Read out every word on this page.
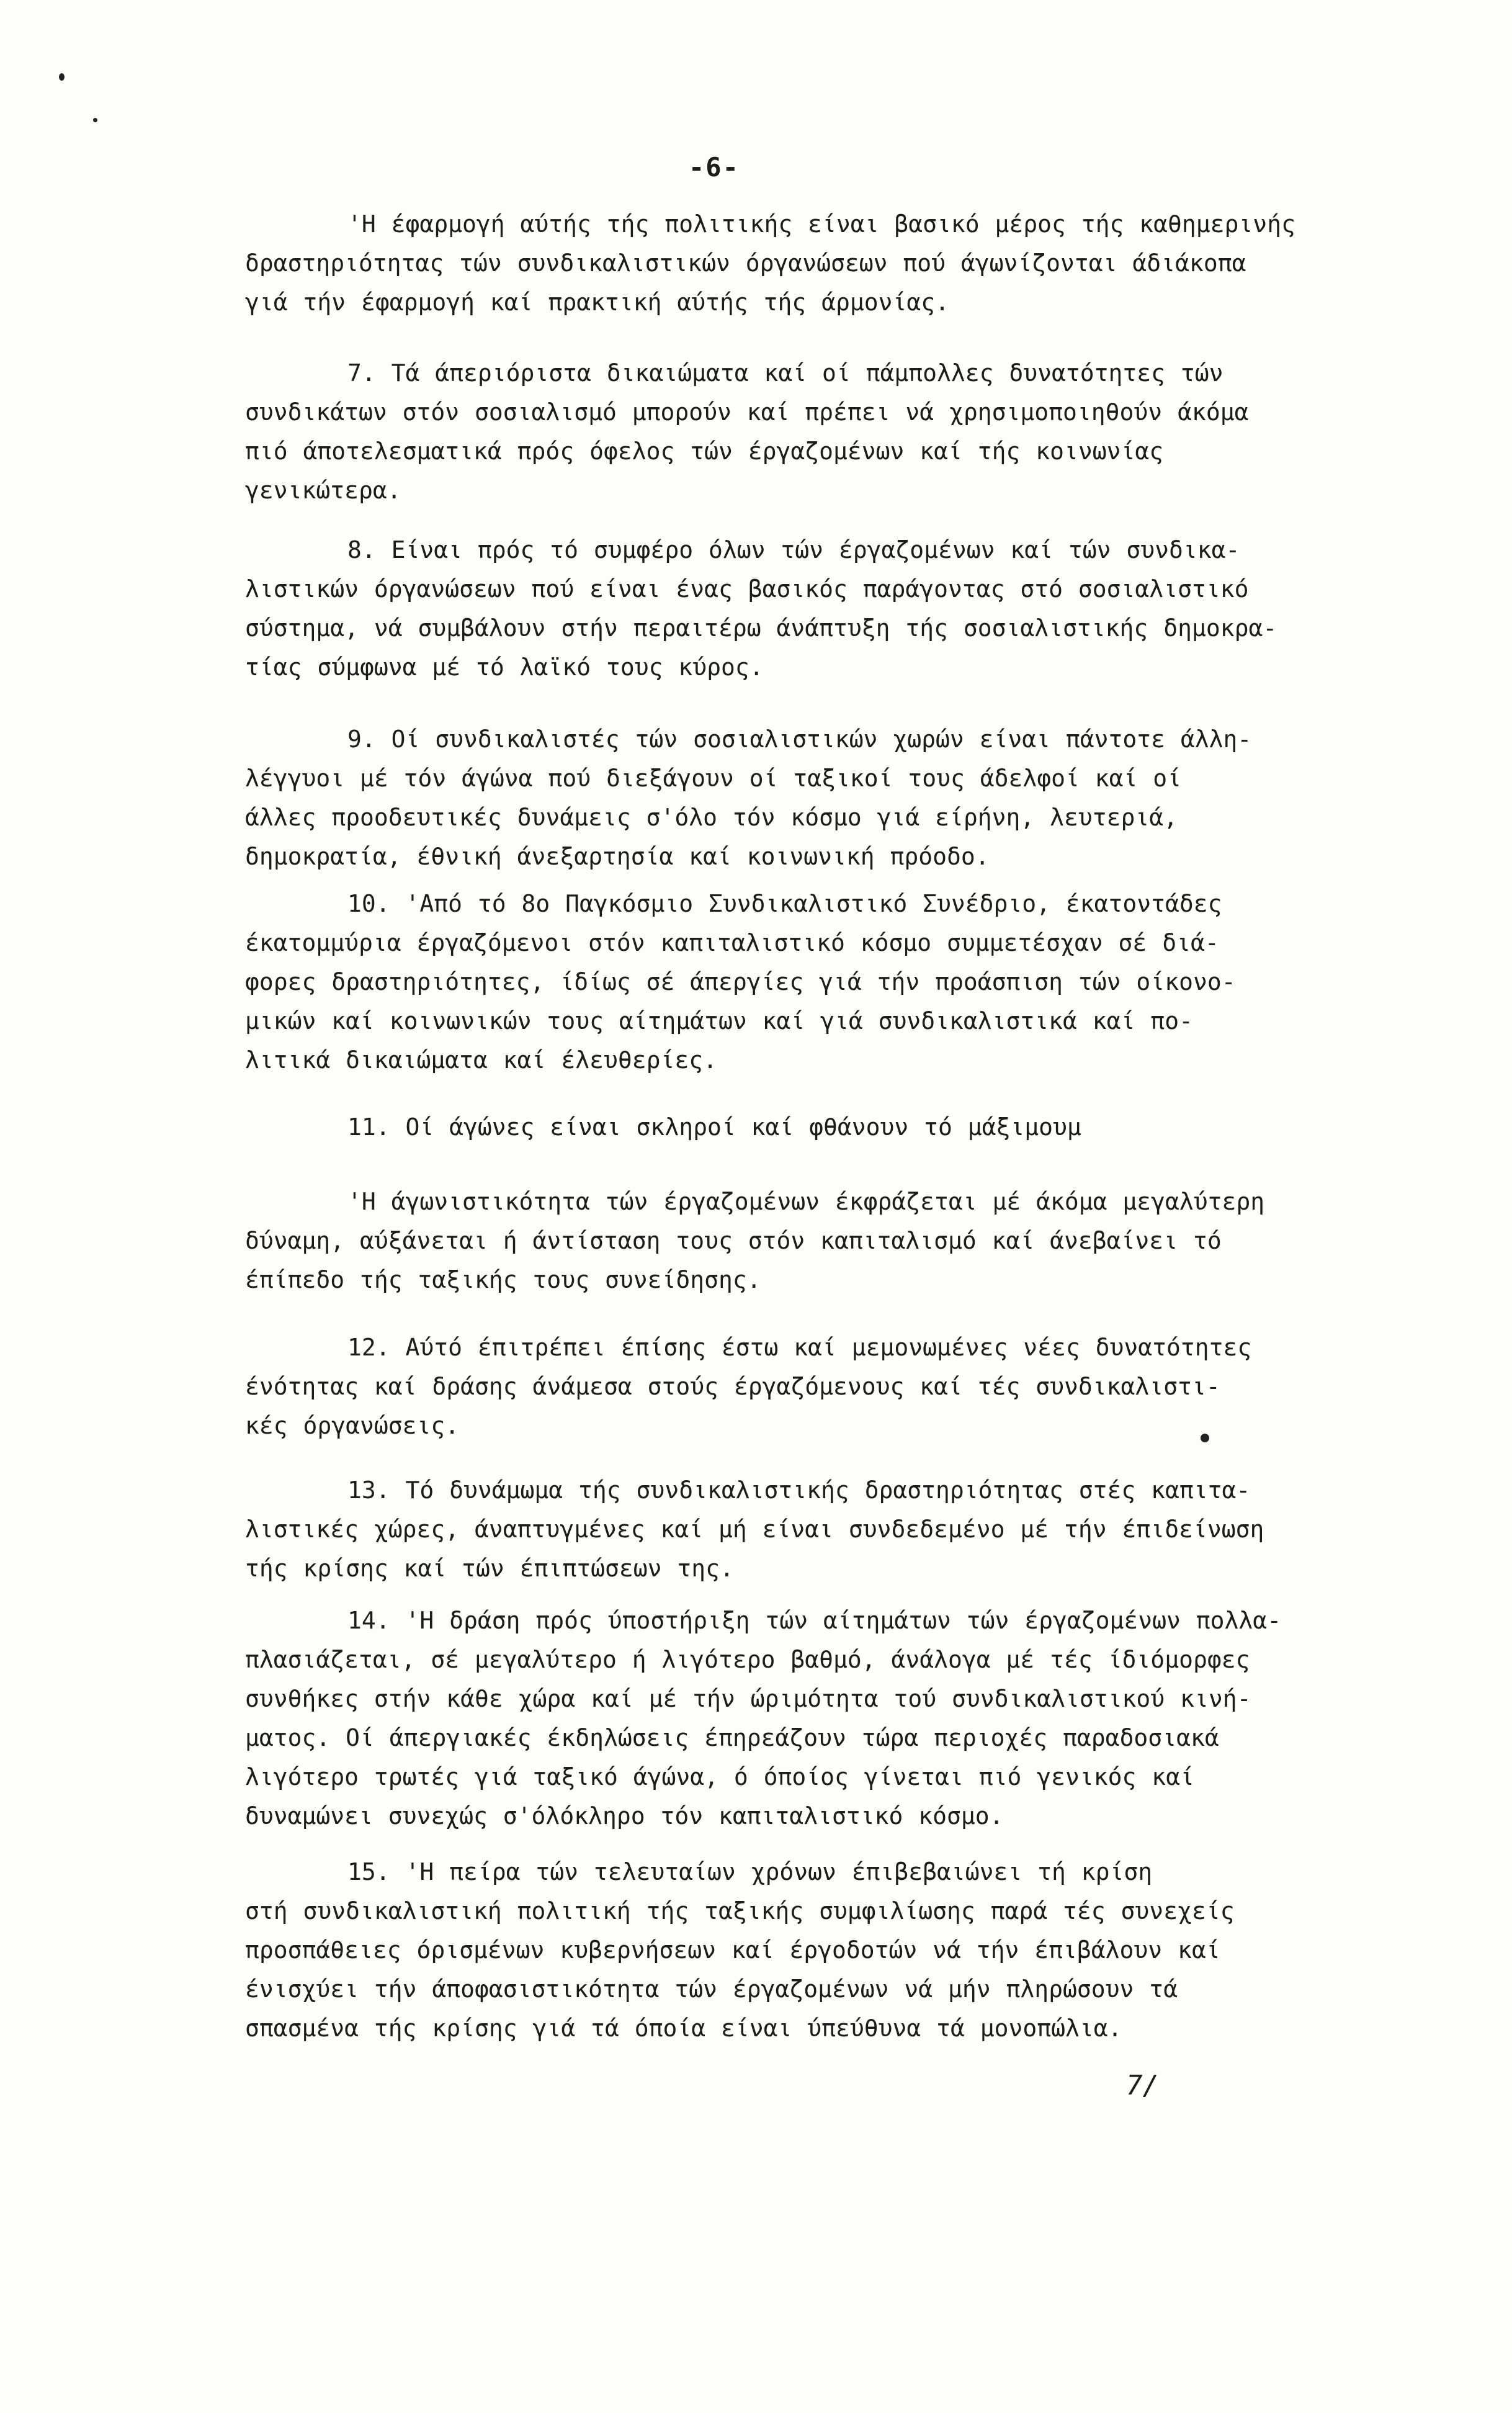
-6-

'Η έφαρμογή αύτής τής πολιτικής είναι βασικό μέρος τής καθημερινής

δραστηριότητας τών συνδικαλιστικών όργανώσεων πού άγωνίζονται άδιάκοπα

γιά τήν έφαρμογή καί πρακτική αύτής τής άρμονίας.

7. Τά άπεριόριστα δικαιώματα καί οί πάμπολλες δυνατότητες τών

συνδικάτων στόν σοσιαλισμό μπορούν καί πρέπει νά χρησιμοποιηθούν άκόμα

πιό άποτελεσματικά πρός όφελος τών έργαζομένων καί τής κοινωνίας

γενικώτερα.

8. Είναι πρός τό συμφέρο όλων τών έργαζομένων καί τών συνδικα-

λιστικών όργανώσεων πού είναι ένας βασικός παράγοντας στό σοσιαλιστικό

σύστημα, νά συμβάλουν στήν περαιτέρω άνάπτυξη τής σοσιαλιστικής δημοκρα-

τίας σύμφωνα μέ τό λαϊκό τους κύρος.

9. Οί συνδικαλιστές τών σοσιαλιστικών χωρών είναι πάντοτε άλλη-

λέγγυοι μέ τόν άγώνα πού διεξάγουν οί ταξικοί τους άδελφοί καί οί

άλλες προοδευτικές δυνάμεις σ'όλο τόν κόσμο γιά είρήνη, λευτεριά,

δημοκρατία, έθνική άνεξαρτησία καί κοινωνική πρόοδο.

10. 'Από τό 8ο Παγκόσμιο Συνδικαλιστικό Συνέδριο, έκατοντάδες

έκατομμύρια έργαζόμενοι στόν καπιταλιστικό κόσμο συμμετέσχαν σέ διά-

φορες δραστηριότητες, ίδίως σέ άπεργίες γιά τήν προάσπιση τών οίκονο-

μικών καί κοινωνικών τους αίτημάτων καί γιά συνδικαλιστικά καί πο-

λιτικά δικαιώματα καί έλευθερίες.

11. Οί άγώνες είναι σκληροί καί φθάνουν τό μάξιμουμ

'Η άγωνιστικότητα τών έργαζομένων έκφράζεται μέ άκόμα μεγαλύτερη

δύναμη, αύξάνεται ή άντίσταση τους στόν καπιταλισμό καί άνεβαίνει τό

έπίπεδο τής ταξικής τους συνείδησης.

12. Αύτό έπιτρέπει έπίσης έστω καί μεμονωμένες νέες δυνατότητες

ένότητας καί δράσης άνάμεσα στούς έργαζόμενους καί τές συνδικαλιστι-

κές όργανώσεις.

13. Τό δυνάμωμα τής συνδικαλιστικής δραστηριότητας στές καπιτα-

λιστικές χώρες, άναπτυγμένες καί μή είναι συνδεδεμένο μέ τήν έπιδείνωση

τής κρίσης καί τών έπιπτώσεων της.

14. 'Η δράση πρός ύποστήριξη τών αίτημάτων τών έργαζομένων πολλα-

πλασιάζεται, σέ μεγαλύτερο ή λιγότερο βαθμό, άνάλογα μέ τές ίδιόμορφες

συνθήκες στήν κάθε χώρα καί μέ τήν ώριμότητα τού συνδικαλιστικού κινή-

ματος. Οί άπεργιακές έκδηλώσεις έπηρεάζουν τώρα περιοχές παραδοσιακά

λιγότερο τρωτές γιά ταξικό άγώνα, ό όποίος γίνεται πιό γενικός καί

δυναμώνει συνεχώς σ'όλόκληρο τόν καπιταλιστικό κόσμο.

15. 'Η πείρα τών τελευταίων χρόνων έπιβεβαιώνει τή κρίση

στή συνδικαλιστική πολιτική τής ταξικής συμφιλίωσης παρά τές συνεχείς

προσπάθειες όρισμένων κυβερνήσεων καί έργοδοτών νά τήν έπιβάλουν καί

ένισχύει τήν άποφασιστικότητα τών έργαζομένων νά μήν πληρώσουν τά

σπασμένα τής κρίσης γιά τά όποία είναι ύπεύθυνα τά μονοπώλια.

7/
